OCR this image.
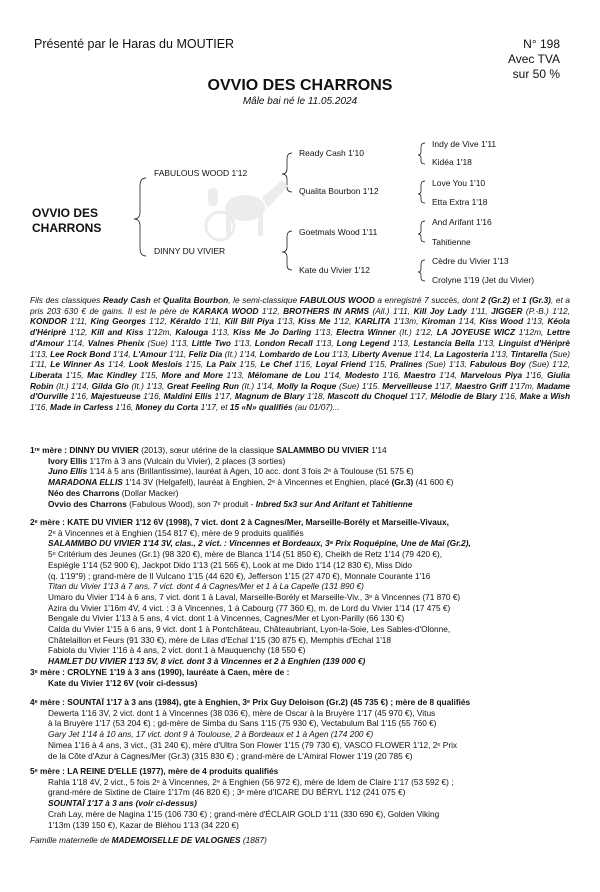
Présenté par le Haras du MOUTIER	N° 198
Avec TVA
sur 50 %
OVVIO DES CHARRONS
Mâle bai né le 11.05.2024
OVVIO DES
CHARRONS
FABULOUS WOOD 1'12
DINNY DU VIVIER
Ready Cash 1'10
Qualita Bourbon 1'12
Goetmals Wood 1'11
Kate du Vivier 1'12
Indy de Vive 1'11
Kidéa 1'18
Love You 1'10
Etta Extra 1'18
And Arifant 1'16
Tahitienne
Cèdre du Vivier 1'13
Crolyne 1'19 (Jet du Vivier)
Fils des classiques Ready Cash et Qualita Bourbon, le semi-classique FABULOUS WOOD a enregistré 7 succès, dont 2 (Gr.2) et 1 (Gr.3), et a pris 203 630 € de gains. Il est le père de KARAKA WOOD 1'12, BROTHERS IN ARMS (All.) 1'11, Kill Joy Lady 1'11, JIGGER (P.-B.) 1'12, KONDOR 1'11, King Georges 1'12, Kéraldo 1'11, Kill Bill Piya 1'13, Kiss Me 1'12, KARLITA 1'13m, Kiroman 1'14, Kiss Wood 1'13, Kéola d'Hériprè 1'12, Kill and Kiss 1'12m, Kalouga 1'13, Kiss Me Jo Darling 1'13, Electra Winner (It.) 1'12, LA JOYEUSE WICZ 1'12m, Lettre d'Amour 1'14, Valnes Phenix (Sue) 1'13, Little Two 1'13, London Recall 1'13, Long Legend 1'13, Lestancia Bella 1'13, Linguist d'Hériprè 1'13, Lee Rock Bond 1'14, L'Amour 1'11, Feliz Dia (It.) 1'14, Lombardo de Lou 1'13, Liberty Avenue 1'14, La Lagosteria 1'13, Tintarella (Sue) 1'11, Le Winner As 1'14, Look Meslois 1'15, La Paix 1'15, Le Chef 1'15, Loyal Friend 1'15, Pralines (Sue) 1'13, Fabulous Boy (Sue) 1'12, Liberata 1'15, Mac Kindley 1'15, More and More 1'13, Mélomane de Lou 1'14, Modesto 1'16, Maestro 1'14, Marvelous Piya 1'16, Giulia Robin (It.) 1'14, Gilda Glo (It.) 1'13, Great Feeling Run (It.) 1'14, Molly la Roque (Sue) 1'15. Merveilleuse 1'17, Maestro Griff 1'17m, Madame d'Ourville 1'16, Majestueuse 1'16, Maldini Ellis 1'17, Magnum de Blary 1'18, Mascott du Choquel 1'17, Mélodie de Blary 1'16, Make a Wish 1'16, Made in Carless 1'16, Money du Corta 1'17, et 15 «N» qualifiés (au 01/07)...
1ʳᵉ mère : DINNY DU VIVIER (2013), sœur utérine de la classique SALAMMBO DU VIVIER 1'14
Ivory Ellis 1'17m à 3 ans (Vulcain du Vivier), 2 places (3 sorties)
Juno Ellis 1'14 à 5 ans (Brillantissime), lauréat à Agen, 10 acc. dont 3 fois 2ᵉ à Toulouse (51 575 €)
MARADONA ELLIS 1'14 3V (Helgafell), lauréat à Enghien, 2ᵉ à Vincennes et Enghien, placé (Gr.3) (41 600 €)
Néo des Charrons (Dollar Macker)
Ovvio des Charrons (Fabulous Wood), son 7ᵉ produit - Inbred 5x3 sur And Arifant et Tahitienne
2ᵉ mère : KATE DU VIVIER 1'12 6V (1998), 7 vict. dont 2 à Cagnes/Mer, Marseille-Borély et Marseille-Vivaux,
2ᵉ à Vincennes et à Enghien (154 817 €), mère de 9 produits qualifiés
SALAMMBO DU VIVIER 1'14 3V, clas., 2 vict. : Vincennes et Bordeaux, 3ᵉ Prix Roquépine, Une de Mai (Gr.2),
5ᵉ Critérium des Jeunes (Gr.1) (98 320 €), mère de Blanca 1'14 (51 850 €), Cheikh de Retz 1'14 (79 420 €),
Espiègle 1'14 (52 900 €), Jackpot Dido 1'13 (21 565 €), Look at me Dido 1'14 (12 830 €), Miss Dido
(q. 1'19"9) ; grand-mère de Il Vulcano 1'15 (44 620 €), Jefferson 1'15 (27 470 €), Monnale Courante 1'16
Titan du Vivier 1'13 à 7 ans, 7 vict. dont 4 à Cagnes/Mer et 1 à La Capelle (131 890 €)
Umaro du Vivier 1'14 à 6 ans, 7 vict. dont 1 à Laval, Marseille-Borély et Marseille-Viv., 3ᵉ à Vincennes (71 870 €)
Azira du Vivier 1'16m 4V, 4 vict. : 3 à Vincennes, 1 à Cabourg (77 360 €), m. de Lord du Vivier 1'14 (17 475 €)
Bengale du Vivier 1'13 à 5 ans, 4 vict. dont 1 à Vincennes, Cagnes/Mer et Lyon-Parilly (66 130 €)
Calda du Vivier 1'15 à 6 ans, 9 vict. dont 1 à Pontchâteau, Châteaubriant, Lyon-la-Soie, Les Sables-d'Olonne,
Châtelaillon et Feurs (91 330 €), mère de Lilas d'Echal 1'15 (30 875 €), Memphis d'Echal 1'18
Fabiola du Vivier 1'16 à 4 ans, 2 vict. dont 1 à Mauquenchy (18 550 €)
HAMLET DU VIVIER 1'13 5V, 8 vict. dont 3 à Vincennes et 2 à Enghien (139 000 €)
3ᵉ mère : CROLYNE 1'19 à 3 ans (1990), lauréate à Caen, mère de :
Kate du Vivier 1'12 6V (voir ci-dessus)
4ᵉ mère : SOUNTAÏ 1'17 à 3 ans (1984), gte à Enghien, 3ᵉ Prix Guy Deloison (Gr.2) (45 735 €) ; mère de 8 qualifiés
Dewerta 1'16 3V, 2 vict. dont 1 à Vincennes (38 036 €), mère de Oscar à la Bruyère 1'17 (45 970 €), Vitus
à la Bruyère 1'17 (53 204 €) ; gd-mère de Simba du Sans 1'15 (75 930 €), Vectabulum Bal 1'15 (55 760 €)
Gary Jet 1'14 à 10 ans, 17 vict. dont 9 à Toulouse, 2 à Bordeaux et 1 à Agen (174 200 €)
Nimea 1'16 à 4 ans, 3 vict., (31 240 €), mère d'Ultra Son Flower 1'15 (79 730 €), VASCO FLOWER 1'12, 2ᵉ Prix
de la Côte d'Azur à Cagnes/Mer (Gr.3) (315 830 €) ; grand-mère de L'Amiral Flower 1'19 (20 785 €)
5ᵉ mère : LA REINE D'ELLE (1977), mère de 4 produits qualifiés
Rahla 1'18 4V, 2 vict., 5 fois 2ᵉ à Vincennes, 2ᵉ à Enghien (56 972 €), mère de Idem de Claire 1'17 (53 592 €) ;
grand-mère de Sixtine de Claire 1'17m (46 820 €) ; 3ᵉ mère d'ICARE DU BÉRYL 1'12 (241 075 €)
SOUNTAÏ 1'17 à 3 ans (voir ci-dessus)
Crah Lay, mère de Nagina 1'15 (106 730 €) ; grand-mère d'ÉCLAIR GOLD 1'11 (330 690 €), Golden Viking
1'13m (139 150 €), Kazar de Bléhou 1'13 (34 220 €)
Famille maternelle de MADEMOISELLE DE VALOGNES (1887)
